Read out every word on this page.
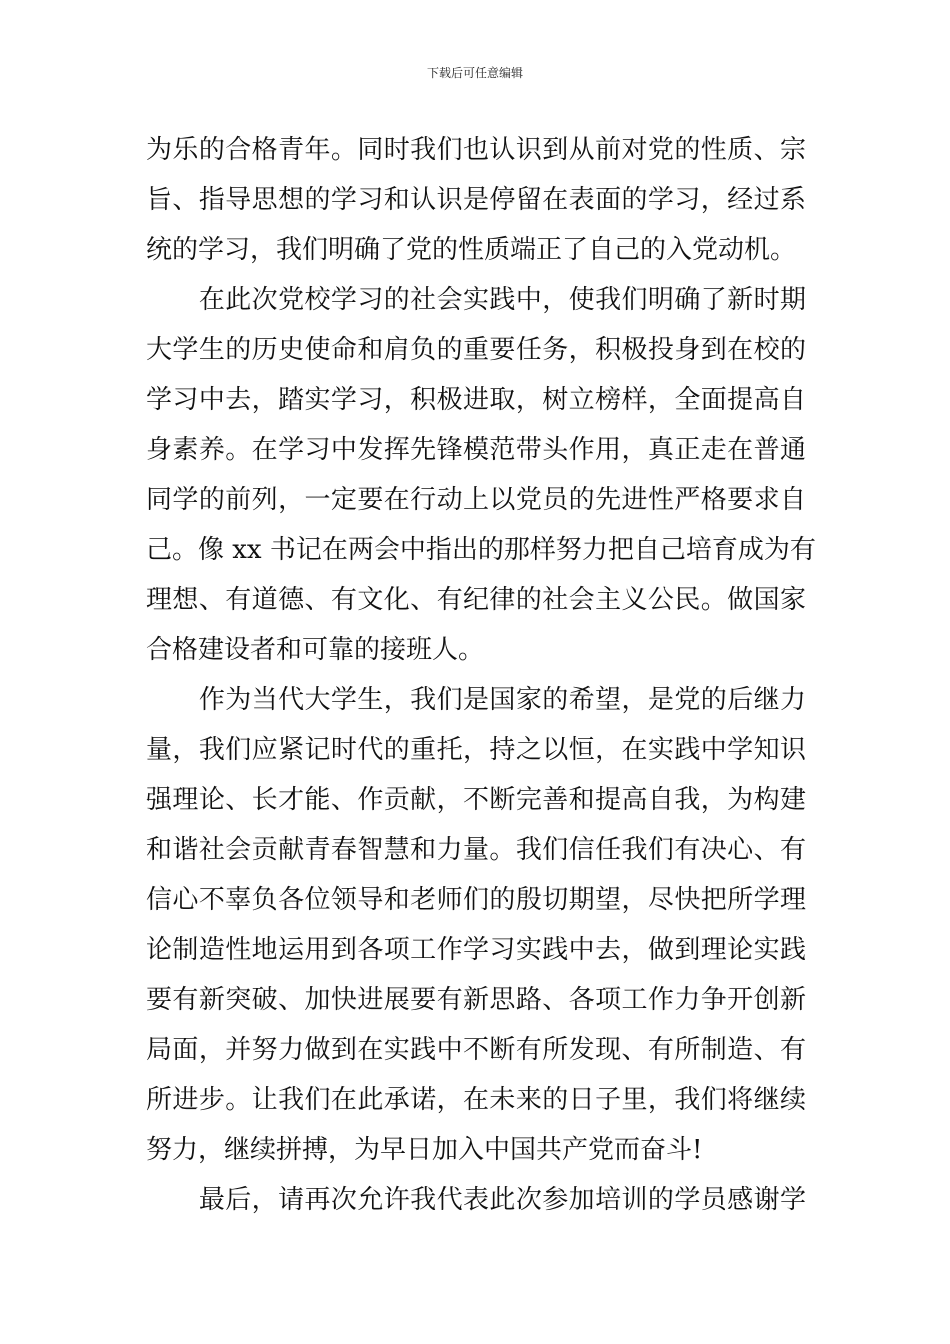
下载后可任意编辑
为乐的合格青年。同时我们也认识到从前对党的性质、宗
旨、指导思想的学习和认识是停留在表面的学习，经过系
统的学习，我们明确了党的性质端正了自己的入党动机。
　　在此次党校学习的社会实践中，使我们明确了新时期
大学生的历史使命和肩负的重要任务，积极投身到在校的
学习中去，踏实学习，积极进取，树立榜样，全面提高自
身素养。在学习中发挥先锋模范带头作用，真正走在普通
同学的前列，一定要在行动上以党员的先进性严格要求自
己。像 xx 书记在两会中指出的那样努力把自己培育成为有
理想、有道德、有文化、有纪律的社会主义公民。做国家
合格建设者和可靠的接班人。
　　作为当代大学生，我们是国家的希望，是党的后继力
量，我们应紧记时代的重托，持之以恒，在实践中学知识
强理论、长才能、作贡献，不断完善和提高自我，为构建
和谐社会贡献青春智慧和力量。我们信任我们有决心、有
信心不辜负各位领导和老师们的殷切期望，尽快把所学理
论制造性地运用到各项工作学习实践中去，做到理论实践
要有新突破、加快进展要有新思路、各项工作力争开创新
局面，并努力做到在实践中不断有所发现、有所制造、有
所进步。让我们在此承诺，在未来的日子里，我们将继续
努力，继续拼搏，为早日加入中国共产党而奋斗!
　　最后，请再次允许我代表此次参加培训的学员感谢学
